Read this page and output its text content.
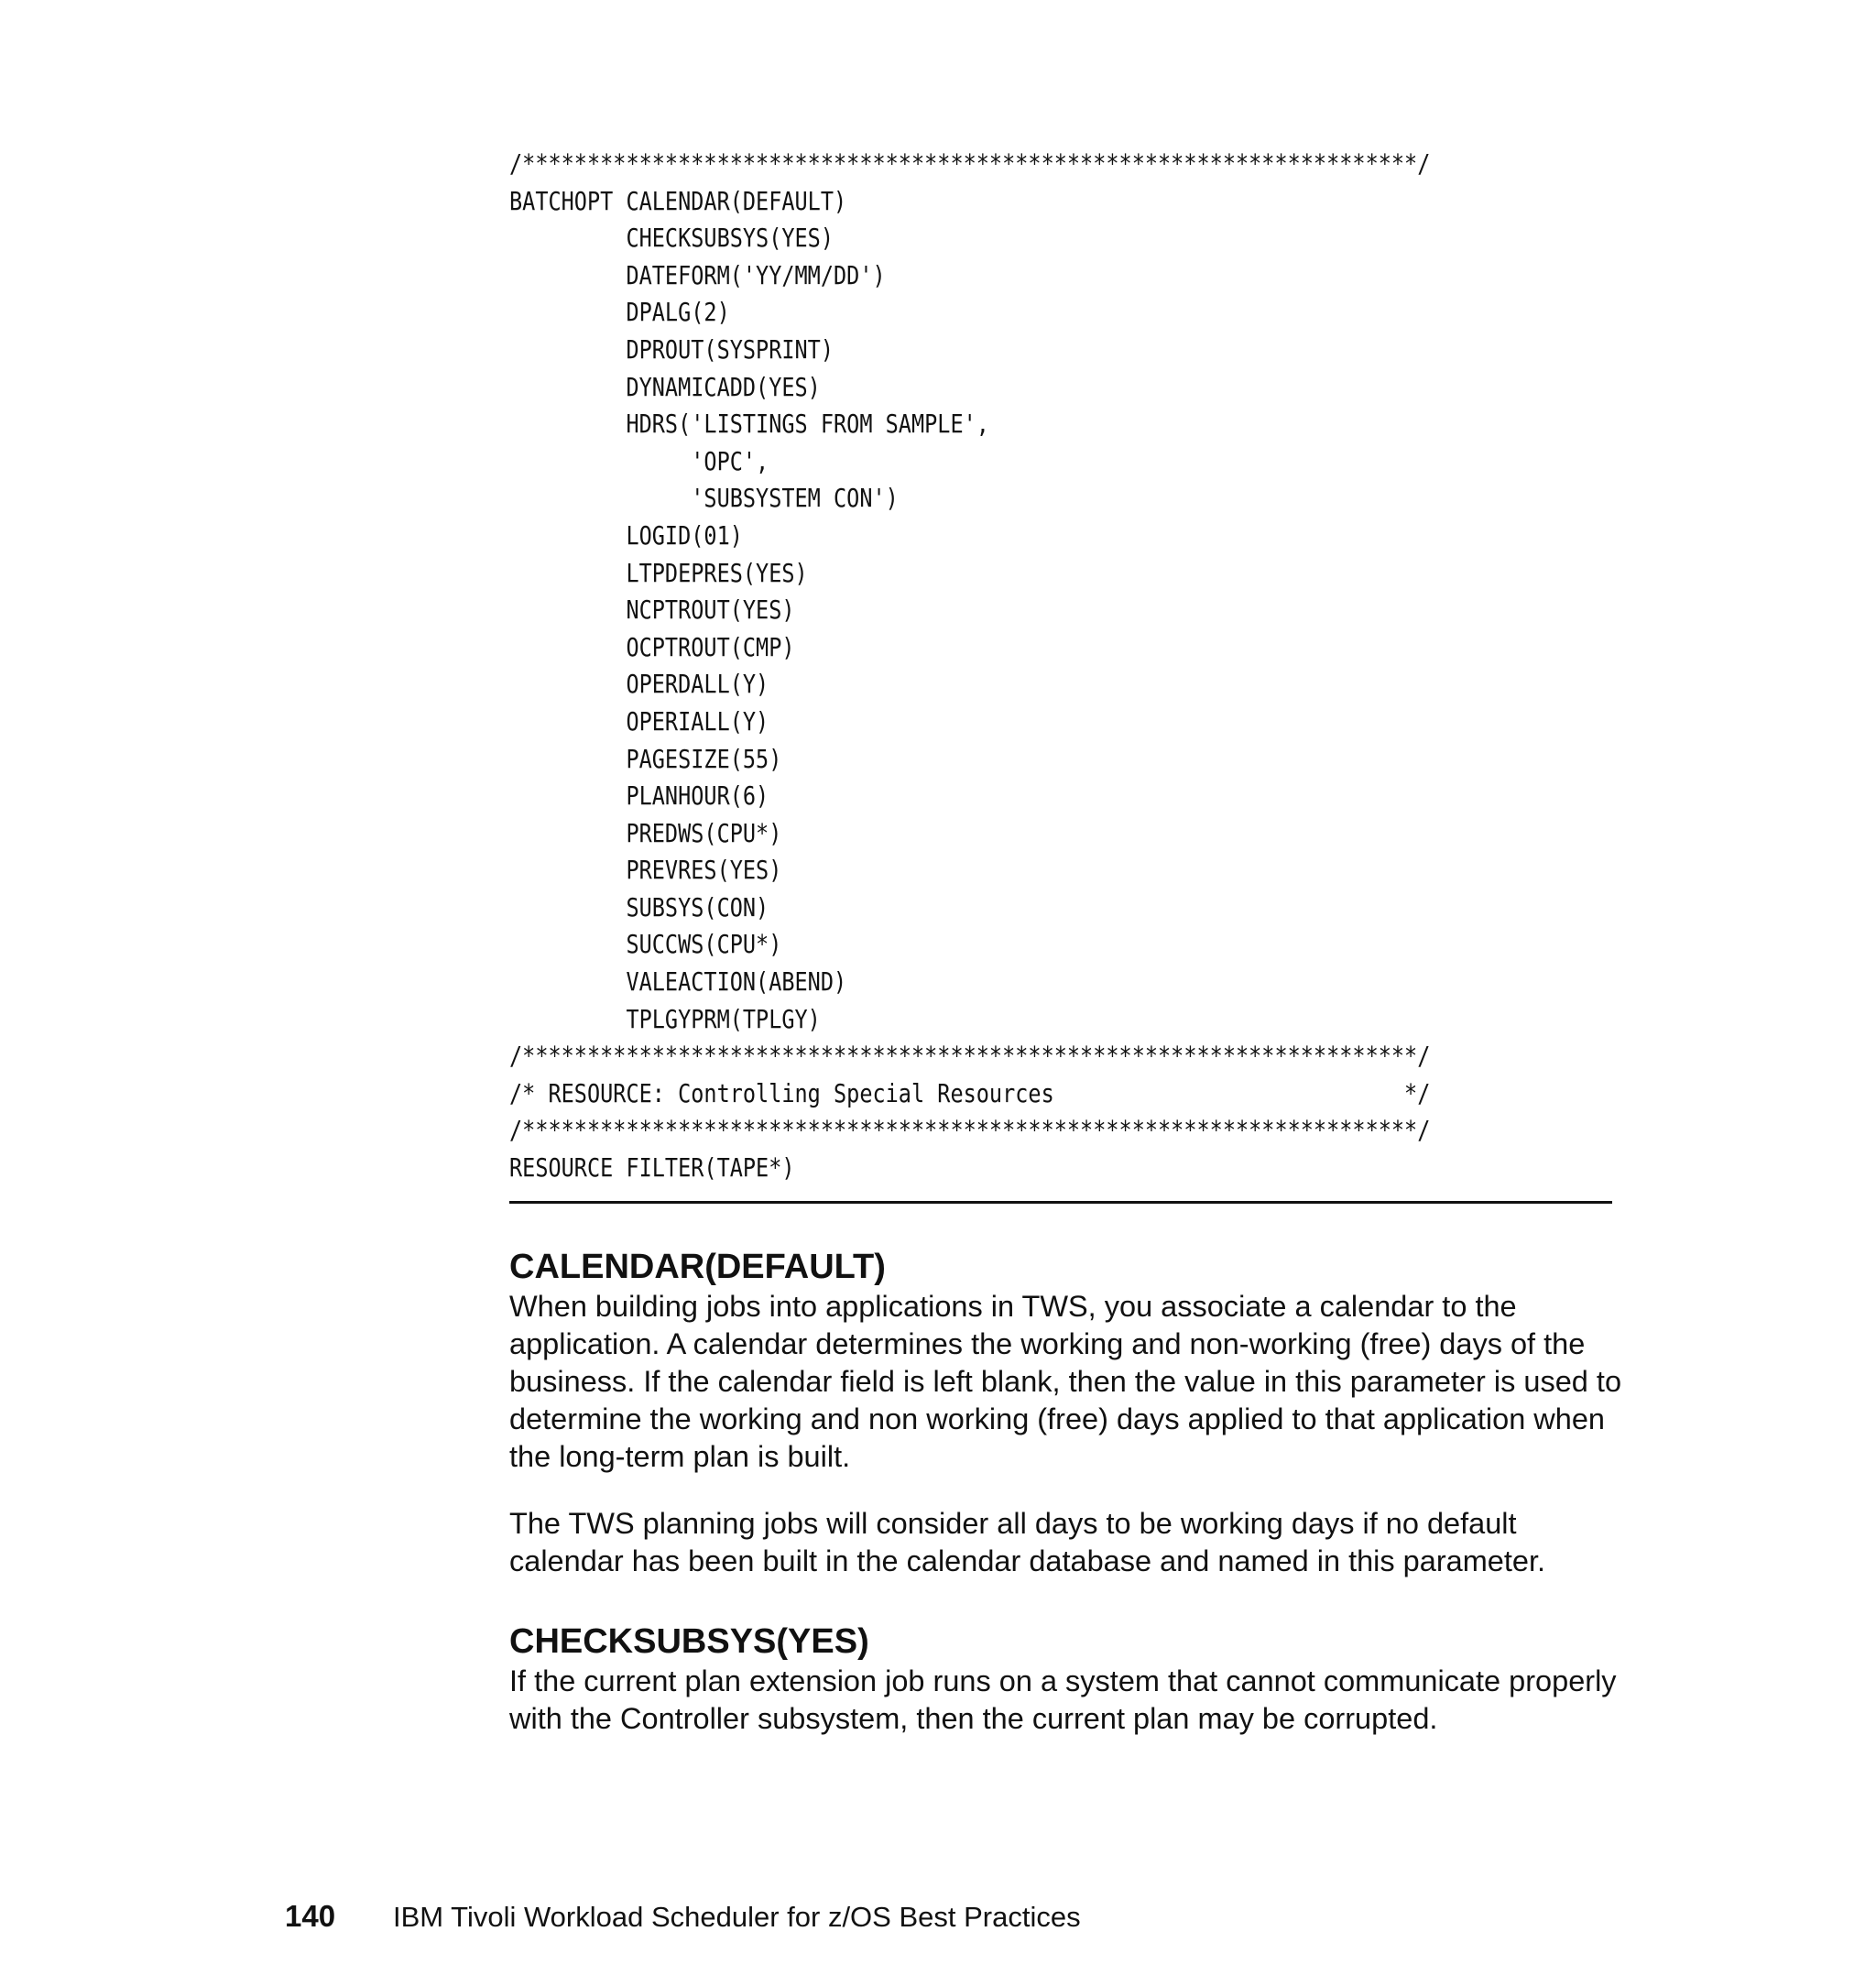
/*********************************************************************/
BATCHOPT CALENDAR(DEFAULT)
CHECKSUBSYS(YES)
DATEFORM('YY/MM/DD')
DPALG(2)
DPROUT(SYSPRINT)
DYNAMICADD(YES)
HDRS('LISTINGS FROM SAMPLE',
'OPC',
'SUBSYSTEM CON')
LOGID(01)
LTPDEPRES(YES)
NCPTROUT(YES)
OCPTROUT(CMP)
OPERDALL(Y)
OPERIALL(Y)
PAGESIZE(55)
PLANHOUR(6)
PREDWS(CPU*)
PREVRES(YES)
SUBSYS(CON)
SUCCWS(CPU*)
VALEACTION(ABEND)
TPLGYPRM(TPLGY)
/*********************************************************************/
/* RESOURCE: Controlling Special Resources                           */
/*********************************************************************/
RESOURCE FILTER(TAPE*)
CALENDAR(DEFAULT)

When building jobs into applications in TWS, you associate a calendar to the application. A calendar determines the working and non-working (free) days of the business. If the calendar field is left blank, then the value in this parameter is used to determine the working and non working (free) days applied to that application when the long-term plan is built.

The TWS planning jobs will consider all days to be working days if no default calendar has been built in the calendar database and named in this parameter.

CHECKSUBSYS(YES)

If the current plan extension job runs on a system that cannot communicate properly with the Controller subsystem, then the current plan may be corrupted.

140 IBM Tivoli Workload Scheduler for z/OS Best Practices
